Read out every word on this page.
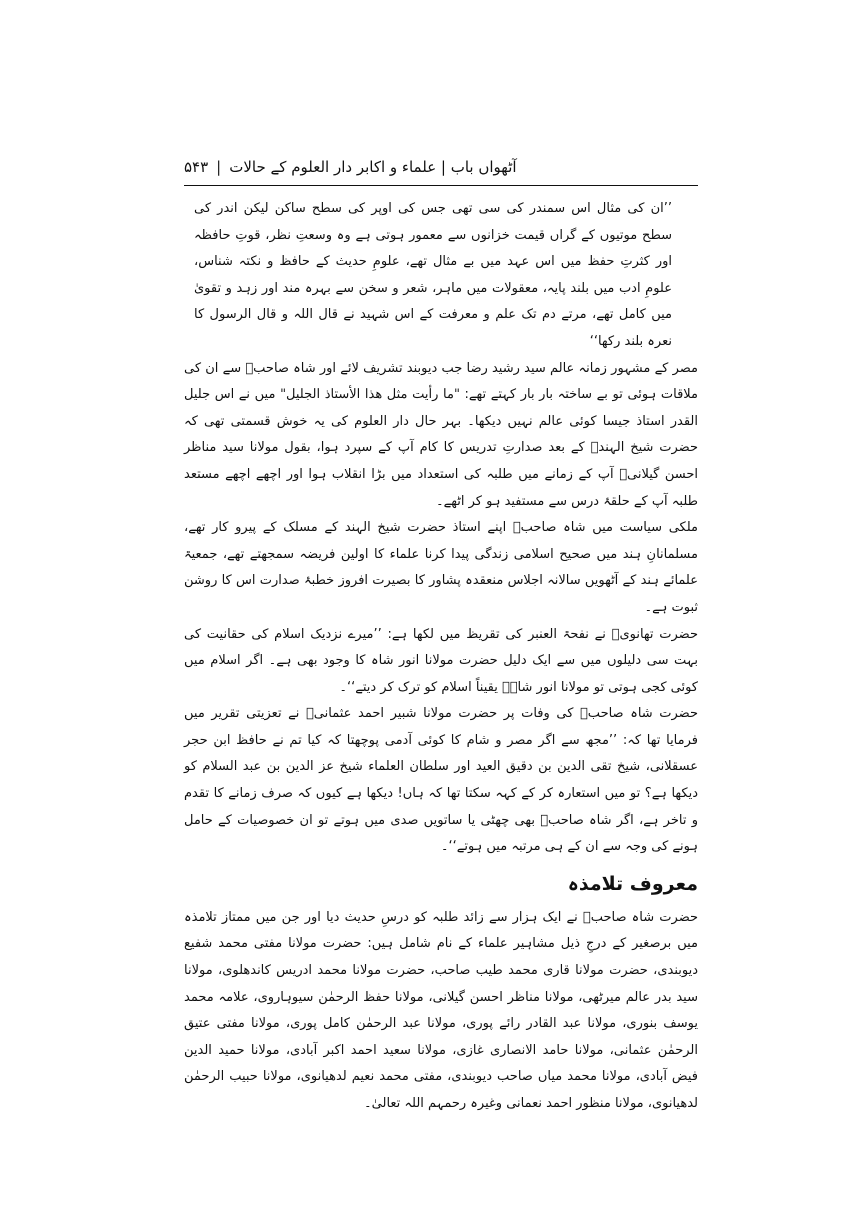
آٹھواں باب | علماء و اکابر دار العلوم کے حالات
|
۵۴۳

’’ان کی مثال اس سمندر کی سی تھی جس کی اوپر کی سطح ساکن لیکن اندر کی سطح موتیوں کے گراں قیمت خزانوں سے معمور ہوتی ہے وہ وسعتِ نظر، قوتِ حافظہ اور کثرتِ حفظ میں اس عہد میں بے مثال تھے، علومِ حدیث کے حافظ و نکتہ شناس، علومِ ادب میں بلند پایہ، معقولات میں ماہر، شعر و سخن سے بہرہ مند اور زہد و تقویٰ میں کامل تھے، مرتے دم تک علم و معرفت کے اس شہید نے قال اللہ و قال الرسول کا نعرہ بلند رکھا‘‘

مصر کے مشہور زمانہ عالم سید رشید رضا جب دیوبند تشریف لائے اور شاہ صاحبؒ سے ان کی ملاقات ہوئی تو بے ساختہ بار بار کہتے تھے: "ما رأيت مثل هذا الأستاذ الجليل" میں نے اس جلیل القدر استاذ جیسا کوئی عالم نہیں دیکھا۔ بہر حال دار العلوم کی یہ خوش قسمتی تھی کہ حضرت شیخ الہندؒ کے بعد صدارتِ تدریس کا کام آپ کے سپرد ہوا، بقول مولانا سید مناظر احسن گیلانیؒ آپ کے زمانے میں طلبہ کی استعداد میں بڑا انقلاب ہوا اور اچھے اچھے مستعد طلبہ آپ کے حلقۂ درس سے مستفید ہو کر اٹھے۔

ملکی سیاست میں شاہ صاحبؒ اپنے استاذ حضرت شیخ الہند کے مسلک کے پیرو کار تھے، مسلمانانِ ہند میں صحیح اسلامی زندگی پیدا کرنا علماء کا اولین فریضہ سمجھتے تھے، جمعیۃ علمائے ہند کے آٹھویں سالانہ اجلاس منعقدہ پشاور کا بصیرت افروز خطبۂ صدارت اس کا روشن ثبوت ہے۔

حضرت تھانویؒ نے نفحۃ العنبر کی تقریظ میں لکھا ہے: ’’میرے نزدیک اسلام کی حقانیت کی بہت سی دلیلوں میں سے ایک دلیل حضرت مولانا انور شاہ کا وجود بھی ہے۔ اگر اسلام میں کوئی کجی ہوتی تو مولانا انور شاہؒ یقیناً اسلام کو ترک کر دیتے‘‘۔

حضرت شاہ صاحبؒ کی وفات پر حضرت مولانا شبیر احمد عثمانیؒ نے تعزیتی تقریر میں فرمایا تھا کہ: ’’مجھ سے اگر مصر و شام کا کوئی آدمی پوچھتا کہ کیا تم نے حافظ ابن حجر عسقلانی، شیخ تقی الدین بن دقیق العید اور سلطان العلماء شیخ عز الدین بن عبد السلام کو دیکھا ہے؟ تو میں استعارہ کر کے کہہ سکتا تھا کہ ہاں! دیکھا ہے کیوں کہ صرف زمانے کا تقدم و تاخر ہے، اگر شاہ صاحبؒ بھی چھٹی یا ساتویں صدی میں ہوتے تو ان خصوصیات کے حامل ہونے کی وجہ سے ان کے ہی مرتبہ میں ہوتے‘‘۔

معروف تلامذہ

حضرت شاہ صاحبؒ نے ایک ہزار سے زائد طلبہ کو درسِ حدیث دیا اور جن میں ممتاز تلامذہ میں برصغیر کے درجِ ذیل مشاہیر علماء کے نام شامل ہیں: حضرت مولانا مفتی محمد شفیع دیوبندی، حضرت مولانا قاری محمد طیب صاحب، حضرت مولانا محمد ادریس کاندھلوی، مولانا سید بدر عالم میرٹھی، مولانا مناظر احسن گیلانی، مولانا حفظ الرحمٰن سیوہاروی، علامہ محمد یوسف بنوری، مولانا عبد القادر رائے پوری، مولانا عبد الرحمٰن کامل پوری، مولانا مفتی عتیق الرحمٰن عثمانی، مولانا حامد الانصاری غازی، مولانا سعید احمد اکبر آبادی، مولانا حمید الدین فیض آبادی، مولانا محمد میاں صاحب دیوبندی، مفتی محمد نعیم لدھیانوی، مولانا حبیب الرحمٰن لدھیانوی، مولانا منظور احمد نعمانی وغیرہ رحمہم اللہ تعالیٰ۔
